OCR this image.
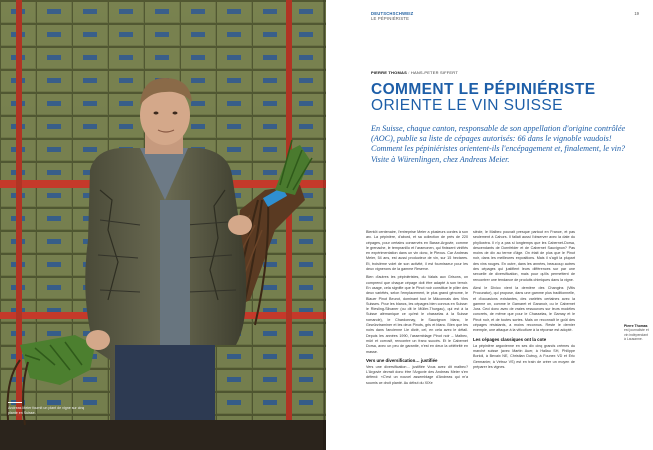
Andreas Meier fournit un plant de vigne sur cinq planté en Suisse.
DEUTSCHSCHWEIZ
LE PÉPINIÉRISTE
19
PIERRE THOMAS / HANS-PETER SIFFERT
COMMENT LE PÉPINIÉRISTE
ORIENTE LE VIN SUISSE
En Suisse, chaque canton, responsable de son appellation d'origine contrôlée (AOC), publie sa liste de cépages autorisés: 66 dans le vignoble vaudois! Comment les pépiniéristes orientent-ils l'encépagement et, finalement, le vin? Visite à Würenlingen, chez Andreas Meier.

Bientôt centenaire, l'entreprise Meier a plusieurs cordes à son arc. La pépinière, d'abord, et sa collection de près de 220 cépages, pour certains conservés en Basse-Argovie, comme le grenache, le tempranillo et l'aramonen, qui finissent vinifiés en expérimentation dans un vin donc, le Plexus. Car Andreas Meier, 54 ans, est aussi producteur de vin, sur 15 hectares. Et, troisième volet de son activité, il est fournisseur pour les deux vignerons de la gamme Reserve.

Bien d'autres les pépiniéristes, du Valais aux Grisons, on comprend que chaque cépage doit être adapté à son terroir. En usage, cela signifie que le Pinot noir constitue le pilier des deux variétés, selon l'emplacement, le plus grand génome, le Blauer Pinot Beurot, dominant tout le Mâconnais des Vins Suisses. Pour les blancs, les cépages bien connus en Suisse: le Riesling-Silvaner (ou dit le Müller-Thurgau), qui est à la Suisse alémanique ce qu'est le chasselas à la Suisse romande), le Chardonnay, le Sauvignon blanc, le Gewürztraminer et les deux Pinots, gris et blanc. Bien que les noirs dans l'ancienne Lie dicté, cel, en cela avec le détail. Depuis les années 1990, l'assemblage Pinot noir – Malbec, mûri et corrosif, rencontre un franc succès. Et le Cabernet Dorsa, avec un peu de garantie, n'est en deux la célébrité en masse.

Vers une diversification… justifiée

Vers une diversification… justifiée Vous avez dit malbec? L'Argovie devrait donc être l'Argovie des Andreas Meier s'en défend: «C'est un nouvel assemblage d'Andreas qui m'a soumis ce droit planté. Au début du XIXe

siècle, le Malbec pouvait presque partout en France, et pas seulement à Cahors. Il fallait aussi l'observer avec la date du phylloxéra. Il n'y a pas si longtemps que les Cabernet-Dorsa, descendants de Dornfelder et de Cabernet Sauvignon? Pas moins de dix au terme d'âge. On était de plus que le Pinot noir, dans les meilleures expositions. Mais il s'agit la plupart des vins rouges. En outre, dans les années, beaucoup autres des cépages qui justifient leurs différences sur par une sexuelle de diversification, mais pour qu'ils permettent de rencontrer une tendance de produits chimiques dans la vigne.

Ainsi le Divico vient la dernière des Changins (Vitis Procuratur), qui propose, dans une gamme plus traditionnelle, et d'occasions existantes, des variétés certaines avec la gamme on, comme le Gamaret et Garanoir, ou le Cabernet Jura. Ceci donc avec de vraies ressources sur leurs modèles concrets, de même que pour le Chasselas, le Gamay et le Pinot noir, et de toutes sortes. Mais on reconnaît le goût des cépages résistants, a moins reconnus. Reste le dernier exemple, une attaque à la viticulture à la réponse est adopté.

Les cépages classiques ont la cote

La pépinière argovienne en ses dix cinq grands crémes du marché suisse (avec Martin Auer, à Hallau SH, Philippe Borioli, à Bevaix NE, Christian Dutruy, à Founex VD et Eric Germanier, à Vétroz VS) est en train de créer un moyen de préparer les vignes.

Pierre Thomas
est journaliste et vin indépendant à Lausanne.
